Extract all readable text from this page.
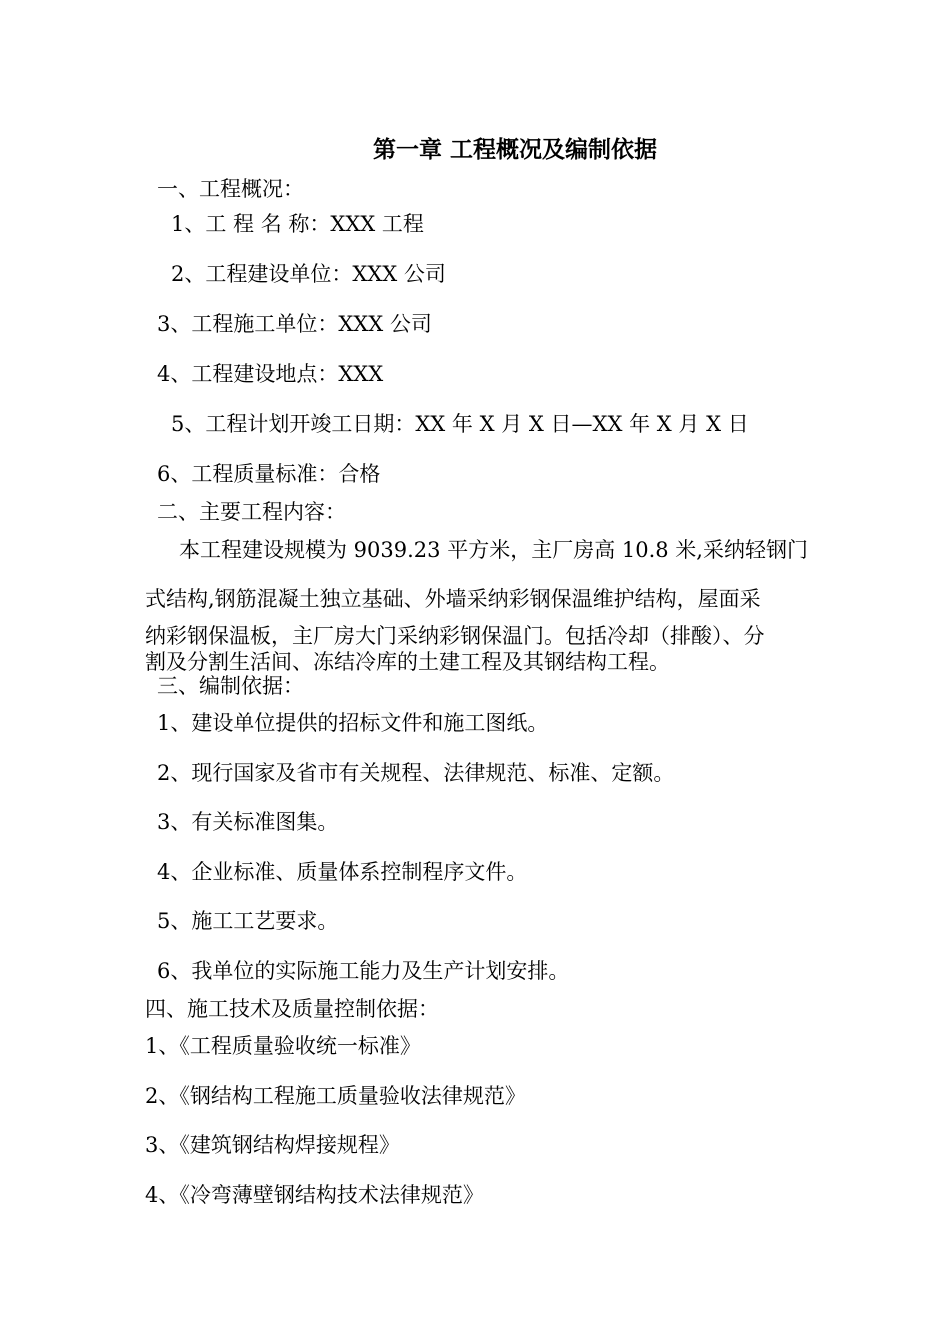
第一章 工程概况及编制依据
一、工程概况：
1、工 程 名 称：XXX 工程
2、工程建设单位：XXX 公司
3、工程施工单位：XXX 公司
4、工程建设地点：XXX
5、工程计划开竣工日期：XX 年 X 月 X 日—XX 年 X 月 X 日
6、工程质量标准：合格
二、主要工程内容：
本工程建设规模为 9039.23 平方米，主厂房高 10.8 米,采纳轻钢门
式结构,钢筋混凝土独立基础、外墙采纳彩钢保温维护结构，屋面采
纳彩钢保温板，主厂房大门采纳彩钢保温门。包括冷却（排酸）、分
割及分割生活间、冻结冷库的土建工程及其钢结构工程。
三、编制依据：
1、建设单位提供的招标文件和施工图纸。
2、现行国家及省市有关规程、法律规范、标准、定额。
3、有关标准图集。
4、企业标准、质量体系控制程序文件。
5、施工工艺要求。
6、我单位的实际施工能力及生产计划安排。
四、施工技术及质量控制依据：
1、《工程质量验收统一标准》
2、《钢结构工程施工质量验收法律规范》
3、《建筑钢结构焊接规程》
4、《冷弯薄壁钢结构技术法律规范》
